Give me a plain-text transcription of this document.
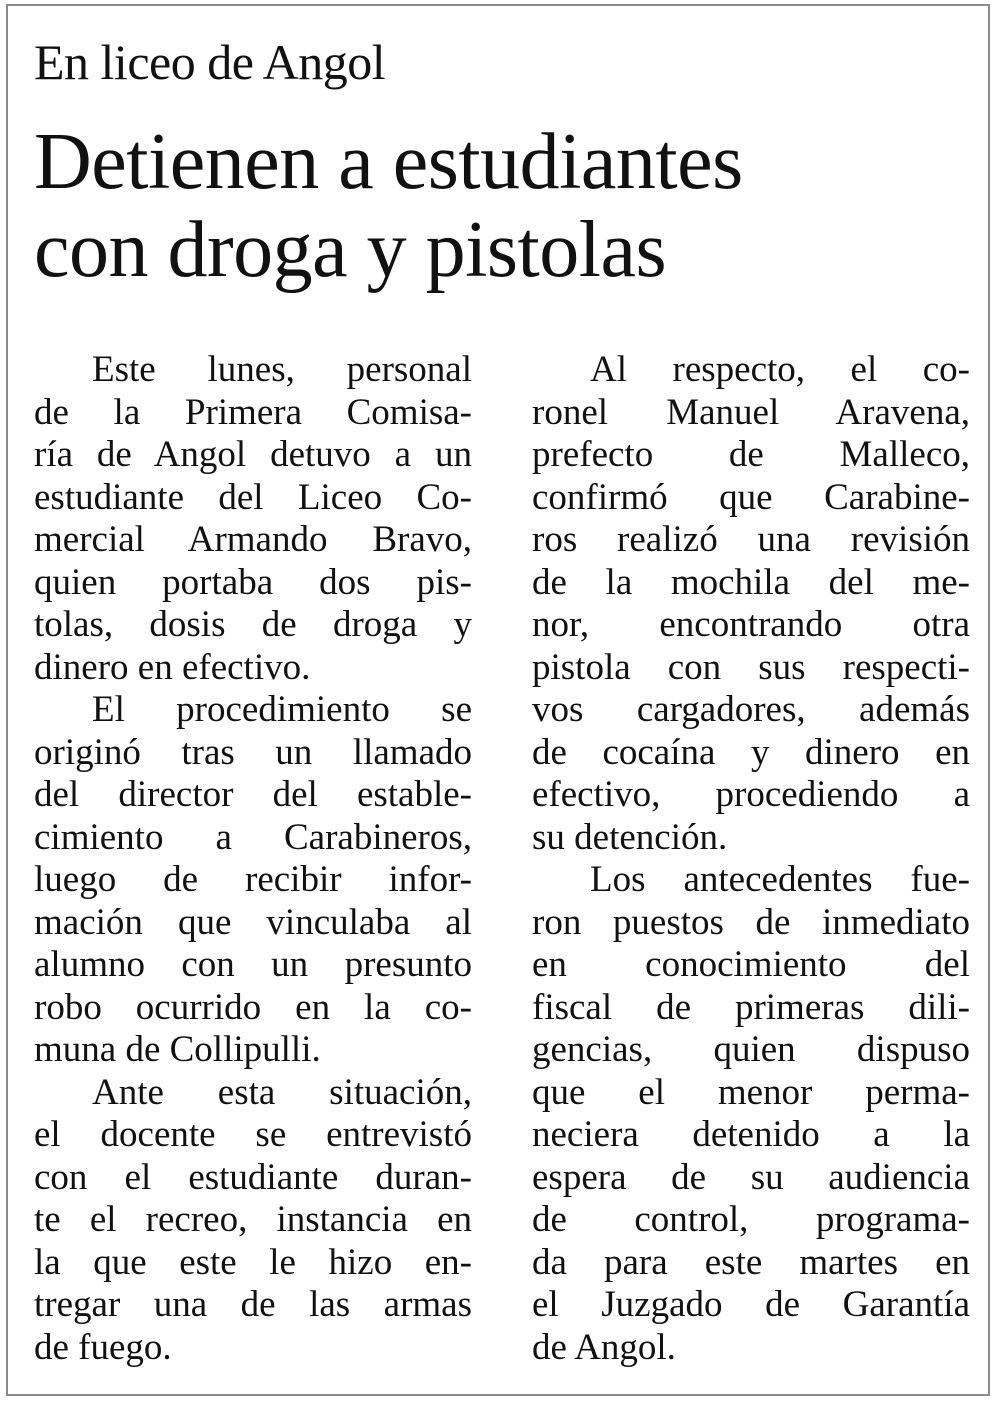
En liceo de Angol
Detienen a estudiantes
con droga y pistolas
Este lunes, personal
de la Primera Comisa-
ría de Angol detuvo a un
estudiante del Liceo Co-
mercial Armando Bravo,
quien portaba dos pis-
tolas, dosis de droga y
dinero en efectivo.
El procedimiento se
originó tras un llamado
del director del estable-
cimiento a Carabineros,
luego de recibir infor-
mación que vinculaba al
alumno con un presunto
robo ocurrido en la co-
muna de Collipulli.
Ante esta situación,
el docente se entrevistó
con el estudiante duran-
te el recreo, instancia en
la que este le hizo en-
tregar una de las armas
de fuego.
Al respecto, el co-
ronel Manuel Aravena,
prefecto de Malleco,
confirmó que Carabine-
ros realizó una revisión
de la mochila del me-
nor, encontrando otra
pistola con sus respecti-
vos cargadores, además
de cocaína y dinero en
efectivo, procediendo a
su detención.
Los antecedentes fue-
ron puestos de inmediato
en conocimiento del
fiscal de primeras dili-
gencias, quien dispuso
que el menor perma-
neciera detenido a la
espera de su audiencia
de control, programa-
da para este martes en
el Juzgado de Garantía
de Angol.
